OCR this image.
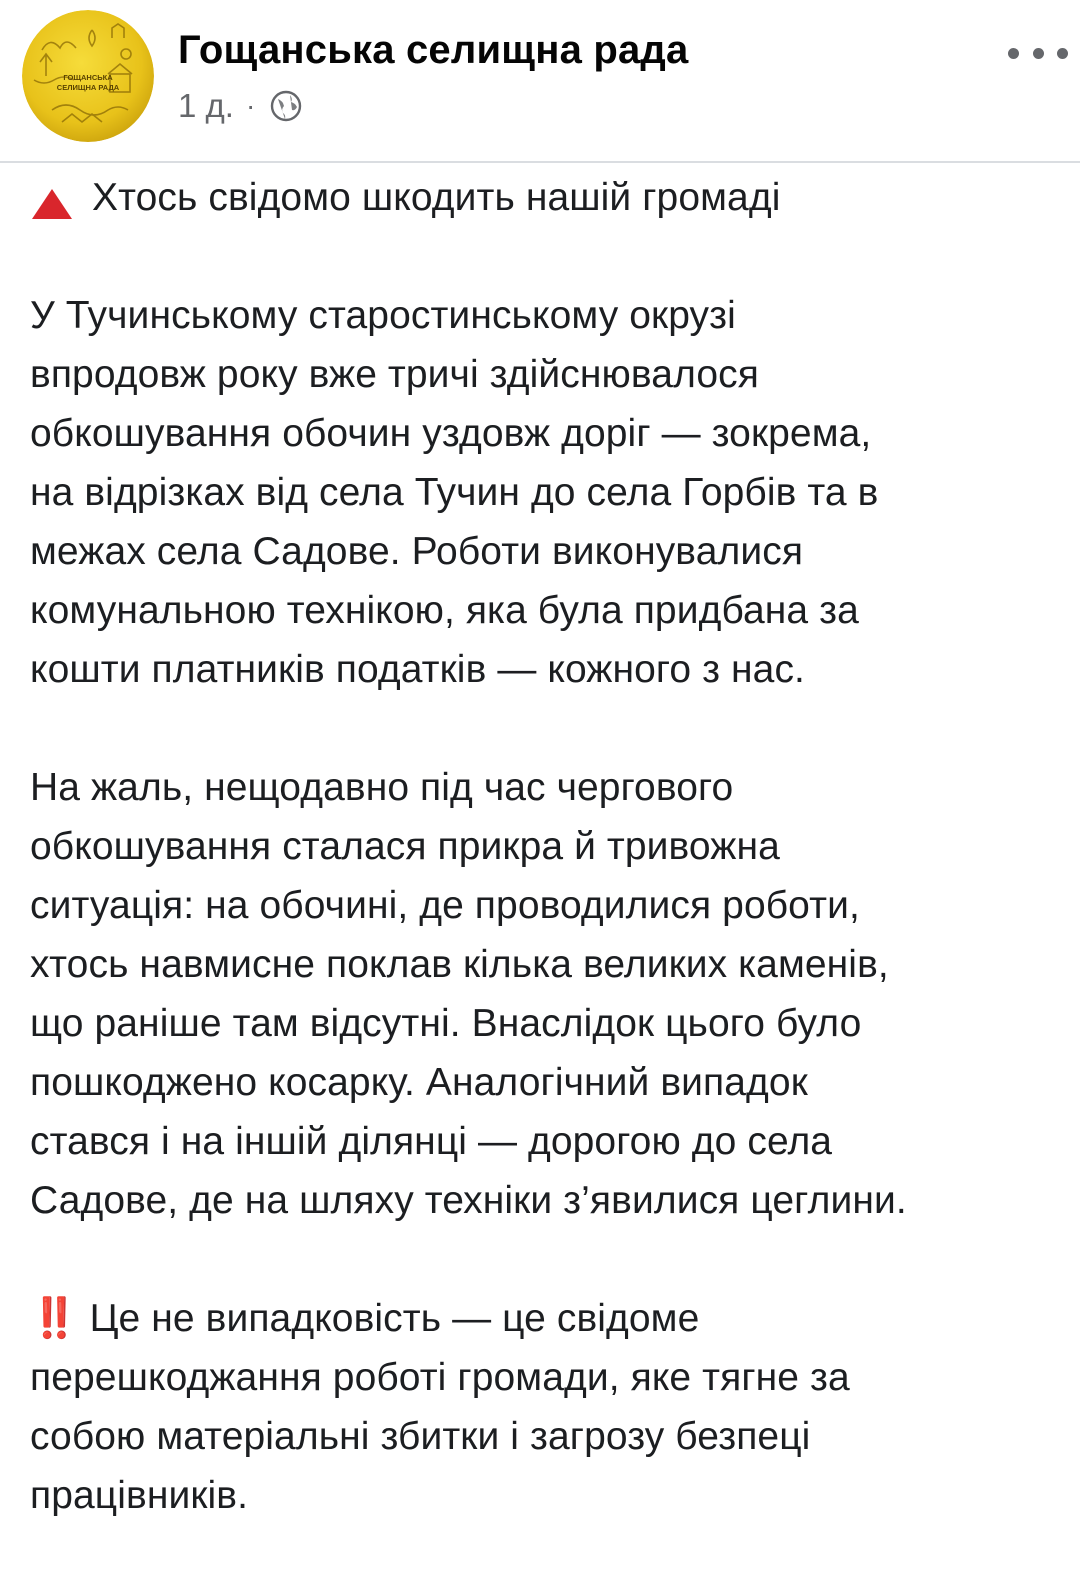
ГОЩАНСЬКА
СЕЛИЩНА РАДА
Гощанська селищна рада
1 д. ·
Хтось свідомо шкодить нашій громаді
У Тучинському старостинському окрузі
впродовж року вже тричі здійснювалося
обкошування обочин уздовж доріг — зокрема,
на відрізках від села Тучин до села Горбів та в
межах села Садове. Роботи виконувалися
комунальною технікою, яка була придбана за
кошти платників податків — кожного з нас.
На жаль, нещодавно під час чергового
обкошування сталася прикра й тривожна
ситуація: на обочині, де проводилися роботи,
хтось навмисне поклав кілька великих каменів,
що раніше там відсутні. Внаслідок цього було
пошкоджено косарку. Аналогічний випадок
стався і на іншій ділянці — дорогою до села
Садове, де на шляху техніки з’явилися цеглини.
‼️ Це не випадковість — це свідоме
перешкоджання роботі громади, яке тягне за
собою матеріальні збитки і загрозу безпеці
працівників.
